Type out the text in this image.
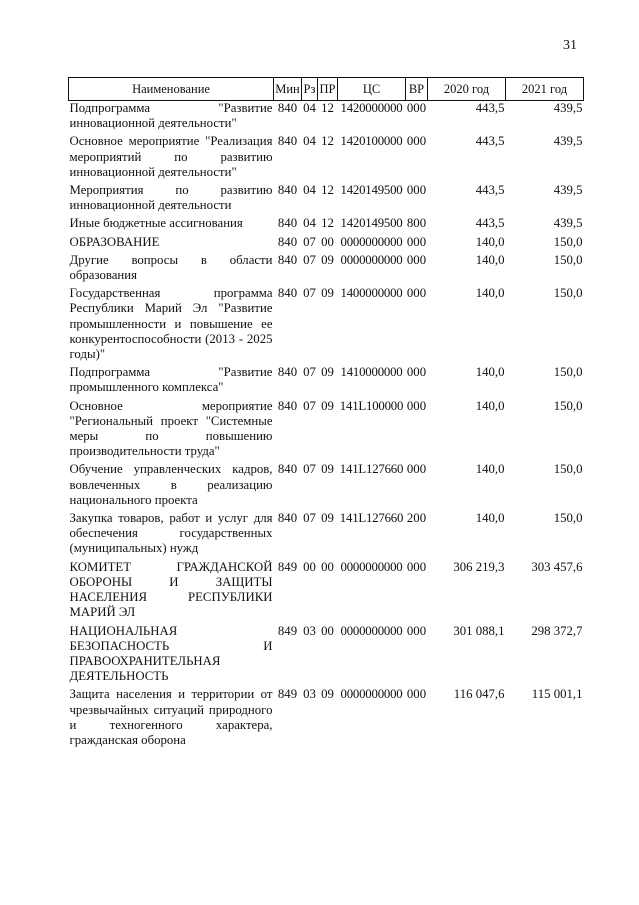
31
Наименование	Мин	Рз	ПР	ЦС	ВР	2020 год	2021 год
Подпрограмма "Развитие инновационной деятельности"	840	04	12	1420000000	000	443,5	439,5
Основное мероприятие "Реализация мероприятий по развитию инновационной деятельности"	840	04	12	1420100000	000	443,5	439,5
Мероприятия по развитию инновационной деятельности	840	04	12	1420149500	000	443,5	439,5
Иные бюджетные ассигнования	840	04	12	1420149500	800	443,5	439,5
ОБРАЗОВАНИЕ	840	07	00	0000000000	000	140,0	150,0
Другие вопросы в области образования	840	07	09	0000000000	000	140,0	150,0
Государственная программа Республики Марий Эл "Развитие промышленности и повышение ее конкурентоспособности (2013 - 2025 годы)"	840	07	09	1400000000	000	140,0	150,0
Подпрограмма "Развитие промышленного комплекса"	840	07	09	1410000000	000	140,0	150,0
Основное мероприятие "Региональный проект "Системные меры по повышению производительности труда"	840	07	09	141L100000	000	140,0	150,0
Обучение управленческих кадров, вовлеченных в реализацию национального проекта	840	07	09	141L127660	000	140,0	150,0
Закупка товаров, работ и услуг для обеспечения государственных (муниципальных) нужд	840	07	09	141L127660	200	140,0	150,0
КОМИТЕТ ГРАЖДАНСКОЙ ОБОРОНЫ И ЗАЩИТЫ НАСЕЛЕНИЯ РЕСПУБЛИКИ МАРИЙ ЭЛ	849	00	00	0000000000	000	306 219,3	303 457,6
НАЦИОНАЛЬНАЯ БЕЗОПАСНОСТЬ И ПРАВООХРАНИТЕЛЬНАЯ ДЕЯТЕЛЬНОСТЬ	849	03	00	0000000000	000	301 088,1	298 372,7
Защита населения и территории от чрезвычайных ситуаций природного и техногенного характера, гражданская оборона	849	03	09	0000000000	000	116 047,6	115 001,1
